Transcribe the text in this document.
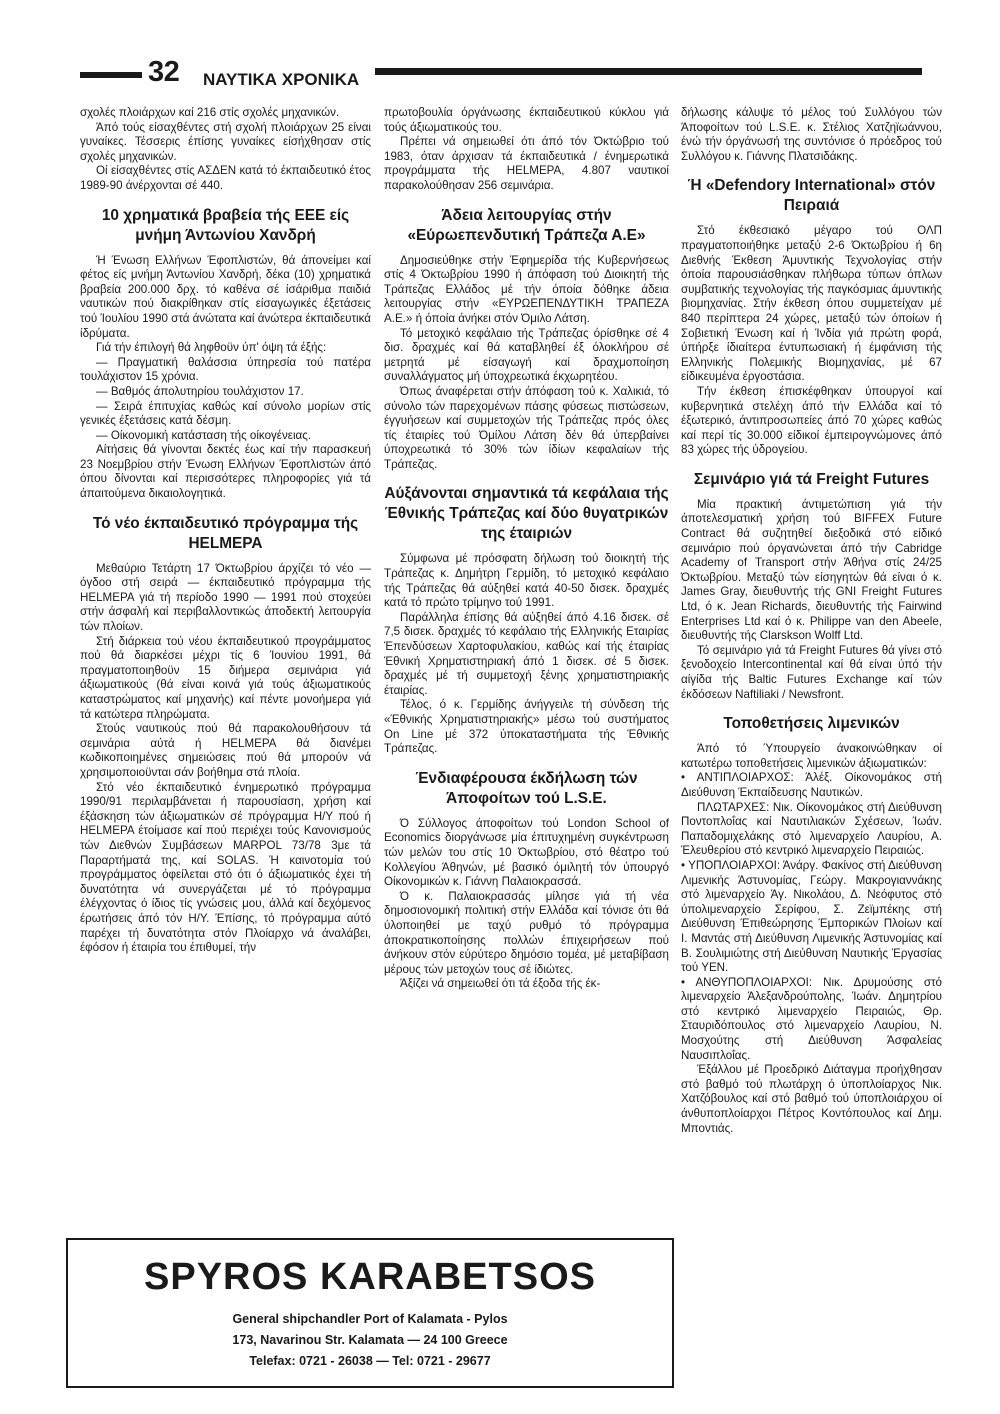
32 ΝΑΥΤΙΚΑ ΧΡΟΝΙΚΑ

σχολές πλοιάρχων καί 216 στίς σχολές μηχανικών.

Άπό τούς είσαχθέντες στή σχολή πλοιάρχων 25 είναι γυναίκες. Τέσσερις έπίσης γυναίκες είσήχθησαν στίς σχολές μηχανικών.

Οί είσαχθέντες στίς ΑΣΔΕΝ κατά τό έκπαιδευτικό έτος 1989-90 άνέρχονται σέ 440.

10 χρηματικά βραβεία τής ΕΕΕ είς μνήμη Άντωνίου Χανδρή

Ή Ένωση Ελλήνων Έφοπλιστών, θά άπονείμει καί φέτος είς μνήμη Άντωνίου Χανδρή, δέκα (10) χρηματικά βραβεία 200.000 δρχ. τό καθένα σέ ίσάριθμα παιδιά ναυτικών πού διακρίθηκαν στίς είσαγωγικές έξετάσεις τού Ίουλίου 1990 στά άνώτατα καί άνώτερα έκπαιδευτικά ίδρύματα.

Γιά τήν έπιλογή θά ληφθοϋν ύπ' όψη τά έξής:

— Πραγματική θαλάσσια ύπηρεσία τού πατέρα τουλάχιστον 15 χρόνια.

— Βαθμός άπολυτηρίου τουλάχιστον 17.

— Σειρά έπιτυχίας καθώς καί σύνολο μορίων στίς γενικές έξετάσεις κατά δέσμη.

— Οίκονομική κατάσταση τής οίκογένειας.

Αίτήσεις θά γίνονται δεκτές έως καί τήν παρασκευή 23 Νοεμβρίου στήν Ένωση Ελλήνων Έφοπλιστών άπό όπου δίνονται καί περισσότερες πληροφορίες γιά τά άπαιτούμενα δικαιολογητικά.

Τό νέο έκπαιδευτικό πρόγραμμα τής HELMEPA

Μεθαύριο Τετάρτη 17 Όκτωβρίου άρχίζει τό νέο — όγδοο στή σειρά — έκπαιδευτικό πρόγραμμα τής HELMEPA γιά τή περίοδο 1990 — 1991 πού στοχεύει στήν άσφαλή καί περιβαλλοντικώς άποδεκτή λειτουργία τών πλοίων.

Στή διάρκεια τού νέου έκπαιδευτικού προγράμματος πού θά διαρκέσει μέχρι τίς 6 Ίουνίου 1991, θά πραγματοποιηθοϋν 15 διήμερα σεμινάρια γιά άξιωματικούς (θά είναι κοινά γιά τούς άξιωματικούς καταστρώματος καί μηχανής) καί πέντε μονοήμερα γιά τά κατώτερα πληρώματα.

Στούς ναυτικούς πού θά παρακολουθήσουν τά σεμινάρια αύτά ή HELMEPA θά διανέμει κωδικοποιημένες σημειώσεις πού θά μπορούν νά χρησιμοποιοϋνται σάν βοήθημα στά πλοία.

Στό νέο έκπαιδευτικό ένημερωτικό πρόγραμμα 1990/91 περιλαμβάνεται ή παρουσίαση, χρήση καί έξάσκηση τών άξιωματικών σέ πρόγραμμα Η/Υ πού ή HELMEPA έτοίμασε καί πού περιέχει τούς Κανονισμούς τών Διεθνών Συμβάσεων MARPOL 73/78 3με τά Παραρτήματά της, καί SOLAS. Ή καινοτομία τού προγράμματος όφείλεται στό ότι ό άξιωματικός έχει τή δυνατότητα νά συνεργάζεται μέ τό πρόγραμμα έλέγχοντας ό ίδιος τίς γνώσεις μου, άλλά καί δεχόμενος έρωτήσεις άπό τόν Η/Υ. Έπίσης, τό πρόγραμμα αύτό παρέχει τή δυνατότητα στόν Πλοίαρχο νά άναλάβει, έφόσον ή έταιρία του έπιθυμεί, τήν

πρωτοβουλία όργάνωσης έκπαιδευτικού κύκλου γιά τούς άξιωματικούς του.

Πρέπει νά σημειωθεί ότι άπό τόν Όκτώβριο τού 1983, όταν άρχισαν τά έκπαιδευτικά / ένημερωτικά προγράμματα τής HELMEPA, 4.807 ναυτικοί παρακολούθησαν 256 σεμινάρια.

Άδεια λειτουργίας στήν «Εύρωεπενδυτική Τράπεζα Α.Ε»

Δημοσιεύθηκε στήν Έφημερίδα τής Κυβερνήσεως στίς 4 Όκτωβρίου 1990 ή άπόφαση τού Διοικητή τής Τράπεζας Ελλάδος μέ τήν όποία δόθηκε άδεια λειτουργίας στήν «ΕΥΡΩΕΠΕΝΔΥΤΙΚΗ ΤΡΑΠΕΖΑ Α.Ε.» ή όποία άνήκει στόν Όμιλο Λάτση.

Τό μετοχικό κεφάλαιο τής Τράπεζας όρίσθηκε σέ 4 δισ. δραχμές καί θά καταβληθεί έξ όλοκλήρου σέ μετρητά μέ είσαγωγή καί δραχμοποίηση συναλλάγματος μή ύποχρεωτικά έκχωρητέου.

Όπως άναφέρεται στήν άπόφαση τού κ. Χαλικιά, τό σύνολο τών παρεχομένων πάσης φύσεως πιστώσεων, έγγυήσεων καί συμμετοχών τής Τράπεζας πρός όλες τίς έταιρίες τού Όμίλου Λάτση δέν θά ύπερβαίνει ύποχρεωτικά τό 30% τών ίδίων κεφαλαίων τής Τράπεζας.

Αύξάνονται σημαντικά τά κεφάλαια τής Έθνικής Τράπεζας καί δύο θυγατρικών της έταιριών

Σύμφωνα μέ πρόσφατη δήλωση τού διοικητή τής Τράπεζας κ. Δημήτρη Γερμίδη, τό μετοχικό κεφάλαιο τής Τράπεζας θά αύξηθεί κατά 40-50 δισεκ. δραχμές κατά τό πρώτο τρίμηνο τού 1991.

Παράλληλα έπίσης θά αύξηθεί άπό 4.16 δισεκ. σέ 7,5 δισεκ. δραχμές τό κεφάλαιο τής Ελληνικής Εταιρίας Έπενδύσεων Χαρτοφυλακίου, καθώς καί τής έταιρίας Έθνική Χρηματιστηριακή άπό 1 δισεκ. σέ 5 δισεκ. δραχμές μέ τή συμμετοχή ξένης χρηματιστηριακής έταιρίας.

Τέλος, ό κ. Γερμίδης άνήγγειλε τή σύνδεση τής «Έθνικής Χρηματιστηριακής» μέσω τού συστήματος On Line μέ 372 ύποκαταστήματα τής Έθνικής Τράπεζας.

Ένδιαφέρουσα έκδήλωση τών Άποφοίτων τού L.S.E.

Ό Σύλλογος άποφοίτων τού London School of Economics διοργάνωσε μία έπιτυχημένη συγκέντρωση τών μελών του στίς 10 Όκτωβρίου, στό θέατρο τού Κολλεγίου Άθηνών, μέ βασικό όμιλητή τόν ύπουργό Οίκονομικών κ. Γιάννη Παλαιοκρασσά.

Ό κ. Παλαιοκρασσάς μίλησε γιά τή νέα δημοσιονομική πολιτική στήν Ελλάδα καί τόνισε ότι θά ύλοποιηθεί με ταχύ ρυθμό τό πρόγραμμα άποκρατικοποίησης πολλών έπιχειρήσεων πού άνήκουν στόν εύρύτερο δημόσιο τομέα, μέ μεταβίβαση μέρους τών μετοχών τους σέ ίδιώτες.

Άξίζει νά σημειωθεί ότι τά έξοδα τής έκ-

δήλωσης κάλυψε τό μέλος τού Συλλόγου τών Άποφοίτων τού L.S.E. κ. Στέλιος Χατζηϊωάννου, ένώ τήν όργάνωσή της συντόνισε ό πρόεδρος τού Συλλόγου κ. Γιάννης Πλατσιδάκης.

Ή «Defendory International» στόν Πειραιά

Στό έκθεσιακό μέγαρο τού ΟΛΠ πραγματοποιήθηκε μεταξύ 2-6 Όκτωβρίου ή 6η Διεθνής Έκθεση Άμυντικής Τεχνολογίας στήν όποία παρουσιάσθηκαν πλήθωρα τύπων όπλων συμβατικής τεχνολογίας τής παγκόσμιας άμυντικής βιομηχανίας. Στήν έκθεση όπου συμμετείχαν μέ 840 περίπτερα 24 χώρες, μεταξύ τών όποίων ή Σοβιετική Ένωση καί ή Ίνδία γιά πρώτη φορά, ύπήρξε ίδιαίτερα έντυπωσιακή ή έμφάνιση τής Ελληνικής Πολεμικής Βιομηχανίας, μέ 67 είδικευμένα έργοστάσια.

Τήν έκθεση έπισκέφθηκαν ύπουργοί καί κυβερνητικά στελέχη άπό τήν Ελλάδα καί τό έξωτερικό, άντιπροσωπείες άπό 70 χώρες καθώς καί περί τίς 30.000 είδικοί έμπειρογνώμονες άπό 83 χώρες τής ύδρογείου.

Σεμινάριο γιά τά Freight Futures

Μία πρακτική άντιμετώπιση γιά τήν άποτελεσματική χρήση τού BIFFEX Future Contract θά συζητηθεί διεξοδικά στό είδικό σεμινάριο πού όργανώνεται άπό τήν Cabridge Academy of Transport στήν Άθήνα στίς 24/25 Όκτωβρίου. Μεταξύ τών είσηγητών θά είναι ό κ. James Gray, διευθυντής τής GNI Freight Futures Ltd, ό κ. Jean Richards, διευθυντής τής Fairwind Enterprises Ltd καί ό κ. Philippe van den Abeele, διευθυντής τής Clarskson Wolff Ltd.

Τό σεμινάριο γιά τά Freight Futures θά γίνει στό ξενοδοχείο Intercontinental καί θά είναι ύπό τήν αίγίδα τής Baltic Futures Exchange καί τών έκδόσεων Naftiliaki / Newsfront.

Τοποθετήσεις λιμενικών

Άπό τό Ύπουργείο άνακοινώθηκαν οί κατωτέρω τοποθετήσεις λιμενικών άξιωματικών:

• ΑΝΤΙΠΛΟΙΑΡΧΟΣ: Άλέξ. Οίκονομάκος στή Διεύθυνση Έκπαίδευσης Ναυτικών.

ΠΛΩΤΑΡΧΕΣ: Νικ. Οίκονομάκος στή Διεύθυνση Ποντοπλοΐας καί Ναυτιλιακών Σχέσεων, Ίωάν. Παπαδομιχελάκης στό λιμεναρχείο Λαυρίου, Α. Έλευθερίου στό κεντρικό λιμεναρχείο Πειραιώς.

• ΥΠΟΠΛΟΙΑΡΧΟΙ: Άνάργ. Φακίνος στή Διεύθυνση Λιμενικής Άστυνομίας, Γεώργ. Μακρογιαννάκης στό λιμεναρχείο Άγ. Νικολάου, Δ. Νεόφυτος στό ύπολιμεναρχείο Σερίφου, Σ. Ζεϊμπέκης στή Διεύθυνση Έπιθεώρησης Έμπορικών Πλοίων καί Ι. Μαντάς στή Διεύθυνση Λιμενικής Άστυνομίας καί Β. Σουλιμιώτης στή Διεύθυνση Ναυτικής Έργασίας τού ΥΕΝ.

• ΑΝΘΥΠΟΠΛΟΙΑΡΧΟΙ: Νικ. Δρυμούσης στό λιμεναρχείο Άλεξανδρούπολης, Ίωάν. Δημητρίου στό κεντρικό λιμεναρχείο Πειραιώς, Θρ. Σταυριδόπουλος στό λιμεναρχείο Λαυρίου, Ν. Μοσχούτης στή Διεύθυνση Άσφαλείας Ναυσιπλοΐας.

Έξάλλου μέ Προεδρικό Διάταγμα προήχθησαν στό βαθμό τού πλωτάρχη ό ύποπλοίαρχος Νικ. Χατζόβουλος καί στό βαθμό τού ύποπλοιάρχου οί άνθυποπλοίαρχοι Πέτρος Κοντόπουλος καί Δημ. Μποντιάς.

SPYROS KARABETSOS
General shipchandler Port of Kalamata - Pylos
173, Navarinou Str. Kalamata — 24 100 Greece
Telefax: 0721 - 26038 — Tel: 0721 - 29677
